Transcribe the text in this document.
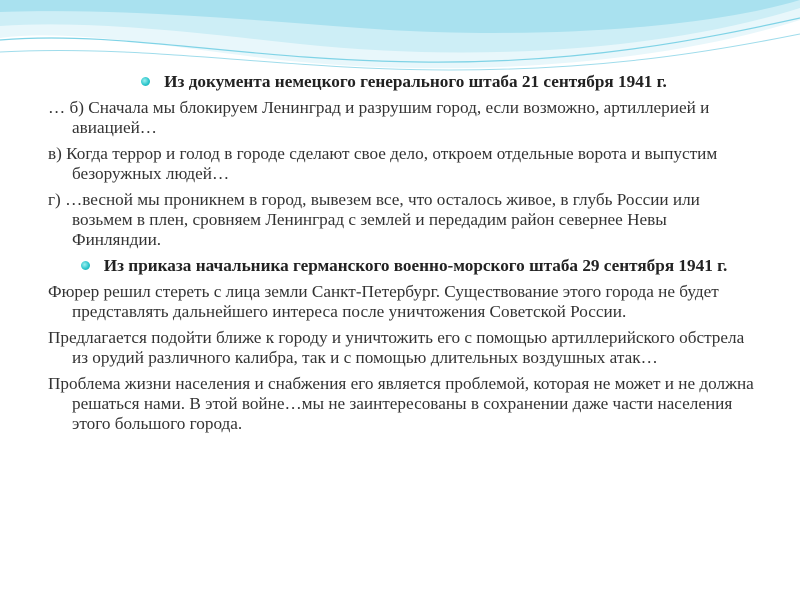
Из документа немецкого генерального штаба 21 сентября 1941 г.

… б) Сначала мы блокируем Ленинград и разрушим город, если возможно, артиллерией и авиацией…

в) Когда террор и голод в городе сделают свое дело, откроем отдельные ворота и выпустим безоружных людей…

г) …весной мы проникнем в город, вывезем все, что осталось живое, в глубь России или возьмем в плен, сровняем Ленинград с землей и передадим район севернее Невы Финляндии.

Из приказа начальника германского военно-морского штаба 29 сентября 1941 г.

Фюрер решил стереть с лица земли Санкт-Петербург. Существование этого города не будет представлять дальнейшего интереса после уничтожения Советской России.

Предлагается подойти ближе к городу и уничтожить его с помощью артиллерийского обстрела из орудий различного калибра, так и с помощью длительных воздушных атак…

Проблема жизни населения и снабжения его является проблемой, которая не может и не должна решаться нами. В этой войне…мы не заинтересованы в сохранении даже части населения этого большого города.
